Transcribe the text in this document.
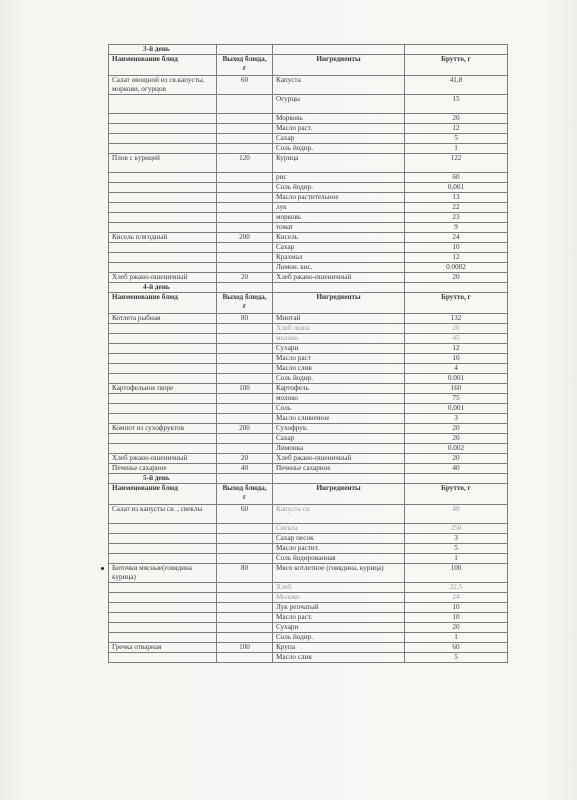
3-й день			
Наименование блюд	Выход блюда, г	Ингредиенты	Брутто, г
Салат овощной из св.капусты, моркови, огурцов	60	Капуста	41,8
		Огурцы	15
		Морковь	20
		Масло раст.	12
		Сахар	5
		Соль йодир.	1
Плов с курицей	120	Курица	122
		рис	60
		Соль йодир.	0,001
		Масло растительное	13
		лук	22
		морковь	23
		томат	9
Кисель п/ягодный	200	Кисель	24
		Сахар	10
		Крахмал	12
		Лимон. кис.	0.0002
Хлеб ржано-пшеничный	20	Хлеб ржано-пшеничный	20
4-й день			
Наименование блюд	Выход блюда, г	Ингредиенты	Брутто, г
Котлета рыбная	80	Минтай	132
		Хлеб пшен	20
		молоко	45
		Сухари	12
		Масло раст	10
		Масло слив	4
		Соль йодир.	0.001
Картофельное пюре	100	Картофель	160
		молоко	75
		Соль	0,001
		Масло сливочное	3
Компот из сухофруктов	200	Сухофрук.	20
		Сахар	20
		Лимонка	0.002
Хлеб ржано-пшеничный	20	Хлеб ржано-пшеничный	20
Печенье сахарное	40	Печенье сахарное	40
5-й день			
Наименование блюд	Выход блюда, г	Ингредиенты	Брутто, г
Салат из капусты св. , свеклы	60	Капуста св.	48
		Свекла	250
		Сахар песок	3
		Масло растит.	5
		Соль йодированная	1
Биточки мясные(говядина курица)	80	Мясо котлетное (говядина, курица)	100
		Хлеб	22,5
		Молоко	24
		Лук репчатый	10
		Масло раст.	10
		Сухари	20
		Соль йодир.	1
Гречка отварная	100	Крупа	60
		Масло слив	5
